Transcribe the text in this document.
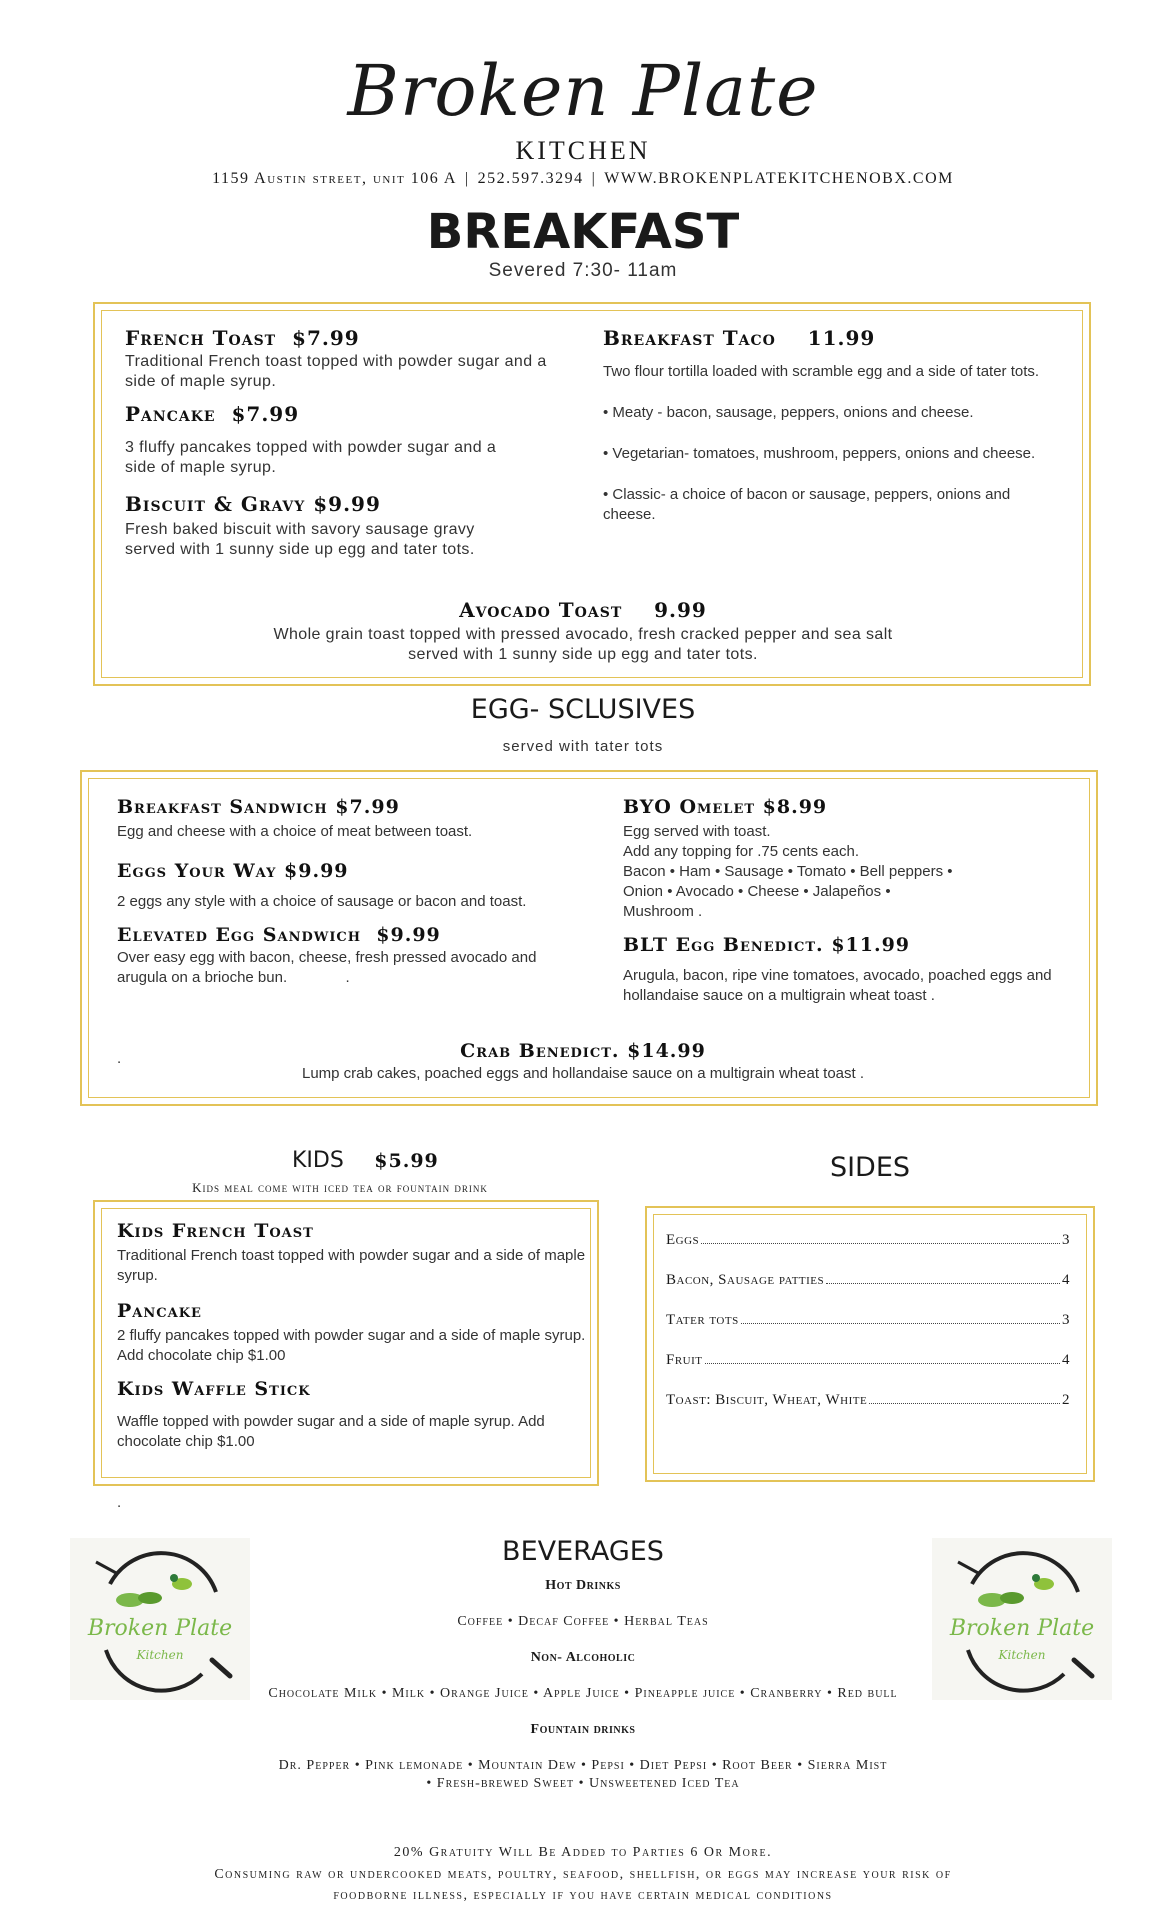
Broken Plate
KITCHEN
1159 Austin street, unit 106 A | 252.597.3294 | WWW.BROKENPLATEKITCHENOBX.COM
BREAKFAST
Severed 7:30- 11am
French Toast $7.99
Traditional French toast topped with powder sugar and a side of maple syrup.
Pancake $7.99
3 fluffy pancakes topped with powder sugar and a side of maple syrup.
Biscuit & Gravy $9.99
Fresh baked biscuit with savory sausage gravy served with 1 sunny side up egg and tater tots.
Breakfast Taco 11.99
Two flour tortilla loaded with scramble egg and a side of tater tots.
• Meaty - bacon, sausage, peppers, onions and cheese.
• Vegetarian- tomatoes, mushroom, peppers, onions and cheese.
• Classic- a choice of bacon or sausage, peppers, onions and cheese.
Avocado Toast 9.99
Whole grain toast topped with pressed avocado, fresh cracked pepper and sea salt served with 1 sunny side up egg and tater tots.
EGG- SCLUSIVES
served with tater tots
Breakfast Sandwich $7.99
Egg and cheese with a choice of meat between toast.
Eggs Your Way $9.99
2 eggs any style with a choice of sausage or bacon and toast.
Elevated Egg Sandwich $9.99
Over easy egg with bacon, cheese, fresh pressed avocado and arugula on a brioche bun.              .
BYO Omelet $8.99
Egg served with toast.
Add any topping for .75 cents each.
Bacon • Ham • Sausage • Tomato • Bell peppers •
Onion • Avocado • Cheese • Jalapeños •
Mushroom .
BLT Egg Benedict. $11.99
Arugula, bacon, ripe vine tomatoes, avocado, poached eggs and hollandaise sauce on a multigrain wheat toast .
.	Crab Benedict. $14.99
Lump crab cakes, poached eggs and hollandaise sauce on a multigrain wheat toast .
KIDS $5.99
Kids meal come with iced tea or fountain drink
Kids French Toast
Traditional French toast topped with powder sugar and a side of maple syrup.
Pancake
2 fluffy pancakes topped with powder sugar and a side of maple syrup. Add chocolate chip $1.00
Kids Waffle Stick
Waffle topped with powder sugar and a side of maple syrup. Add chocolate chip $1.00
.
SIDES
Eggs	3
Bacon, Sausage patties	4
Tater tots	3
Fruit	4
Toast: Biscuit, Wheat, White	2
Broken Plate
Kitchen
Broken Plate
Kitchen
BEVERAGES
Hot Drinks
Coffee • Decaf Coffee • Herbal Teas
Non- Alcoholic
Chocolate Milk • Milk • Orange Juice • Apple Juice • Pineapple juice • Cranberry • Red bull
Fountain drinks
Dr. Pepper • Pink lemonade • Mountain Dew • Pepsi • Diet Pepsi • Root Beer • Sierra Mist
• Fresh-brewed Sweet • Unsweetened Iced Tea
20% Gratuity Will Be Added to Parties 6 Or More.
Consuming raw or undercooked meats, poultry, seafood, shellfish, or eggs may increase your risk of
foodborne illness, especially if you have certain medical conditions
